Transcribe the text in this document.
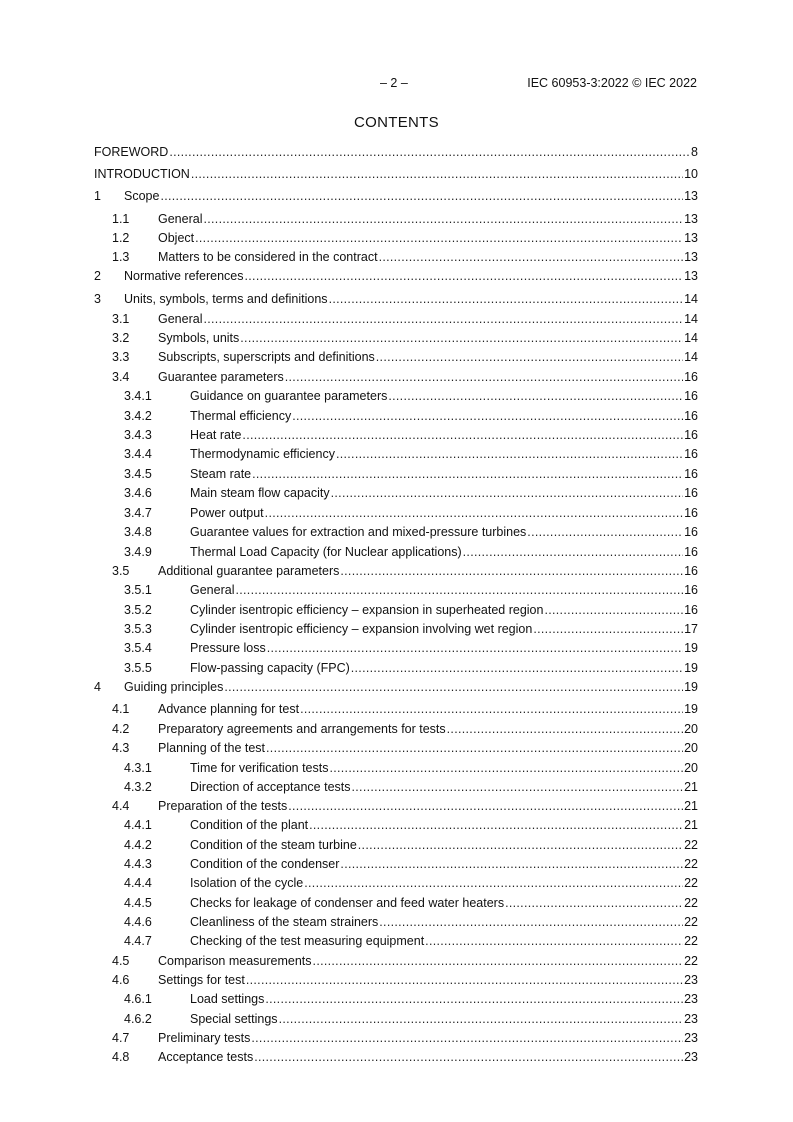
– 2 –	IEC 60953-3:2022 © IEC 2022
CONTENTS
FOREWORD .....	8
INTRODUCTION .....	10
1	Scope .....	13
1.1	General .....	13
1.2	Object .....	13
1.3	Matters to be considered in the contract .....	13
2	Normative references .....	13
3	Units, symbols, terms and definitions .....	14
3.1	General .....	14
3.2	Symbols, units .....	14
3.3	Subscripts, superscripts and definitions .....	14
3.4	Guarantee parameters .....	16
3.4.1	Guidance on guarantee parameters .....	16
3.4.2	Thermal efficiency .....	16
3.4.3	Heat rate .....	16
3.4.4	Thermodynamic efficiency .....	16
3.4.5	Steam rate .....	16
3.4.6	Main steam flow capacity .....	16
3.4.7	Power output .....	16
3.4.8	Guarantee values for extraction and mixed-pressure turbines .....	16
3.4.9	Thermal Load Capacity (for Nuclear applications) .....	16
3.5	Additional guarantee parameters .....	16
3.5.1	General .....	16
3.5.2	Cylinder isentropic efficiency – expansion in superheated region .....	16
3.5.3	Cylinder isentropic efficiency – expansion involving wet region .....	17
3.5.4	Pressure loss .....	19
3.5.5	Flow-passing capacity (FPC) .....	19
4	Guiding principles .....	19
4.1	Advance planning for test .....	19
4.2	Preparatory agreements and arrangements for tests .....	20
4.3	Planning of the test .....	20
4.3.1	Time for verification tests .....	20
4.3.2	Direction of acceptance tests .....	21
4.4	Preparation of the tests .....	21
4.4.1	Condition of the plant .....	21
4.4.2	Condition of the steam turbine .....	22
4.4.3	Condition of the condenser .....	22
4.4.4	Isolation of the cycle .....	22
4.4.5	Checks for leakage of condenser and feed water heaters .....	22
4.4.6	Cleanliness of the steam strainers .....	22
4.4.7	Checking of the test measuring equipment .....	22
4.5	Comparison measurements .....	22
4.6	Settings for test .....	23
4.6.1	Load settings .....	23
4.6.2	Special settings .....	23
4.7	Preliminary tests .....	23
4.8	Acceptance tests .....	23
